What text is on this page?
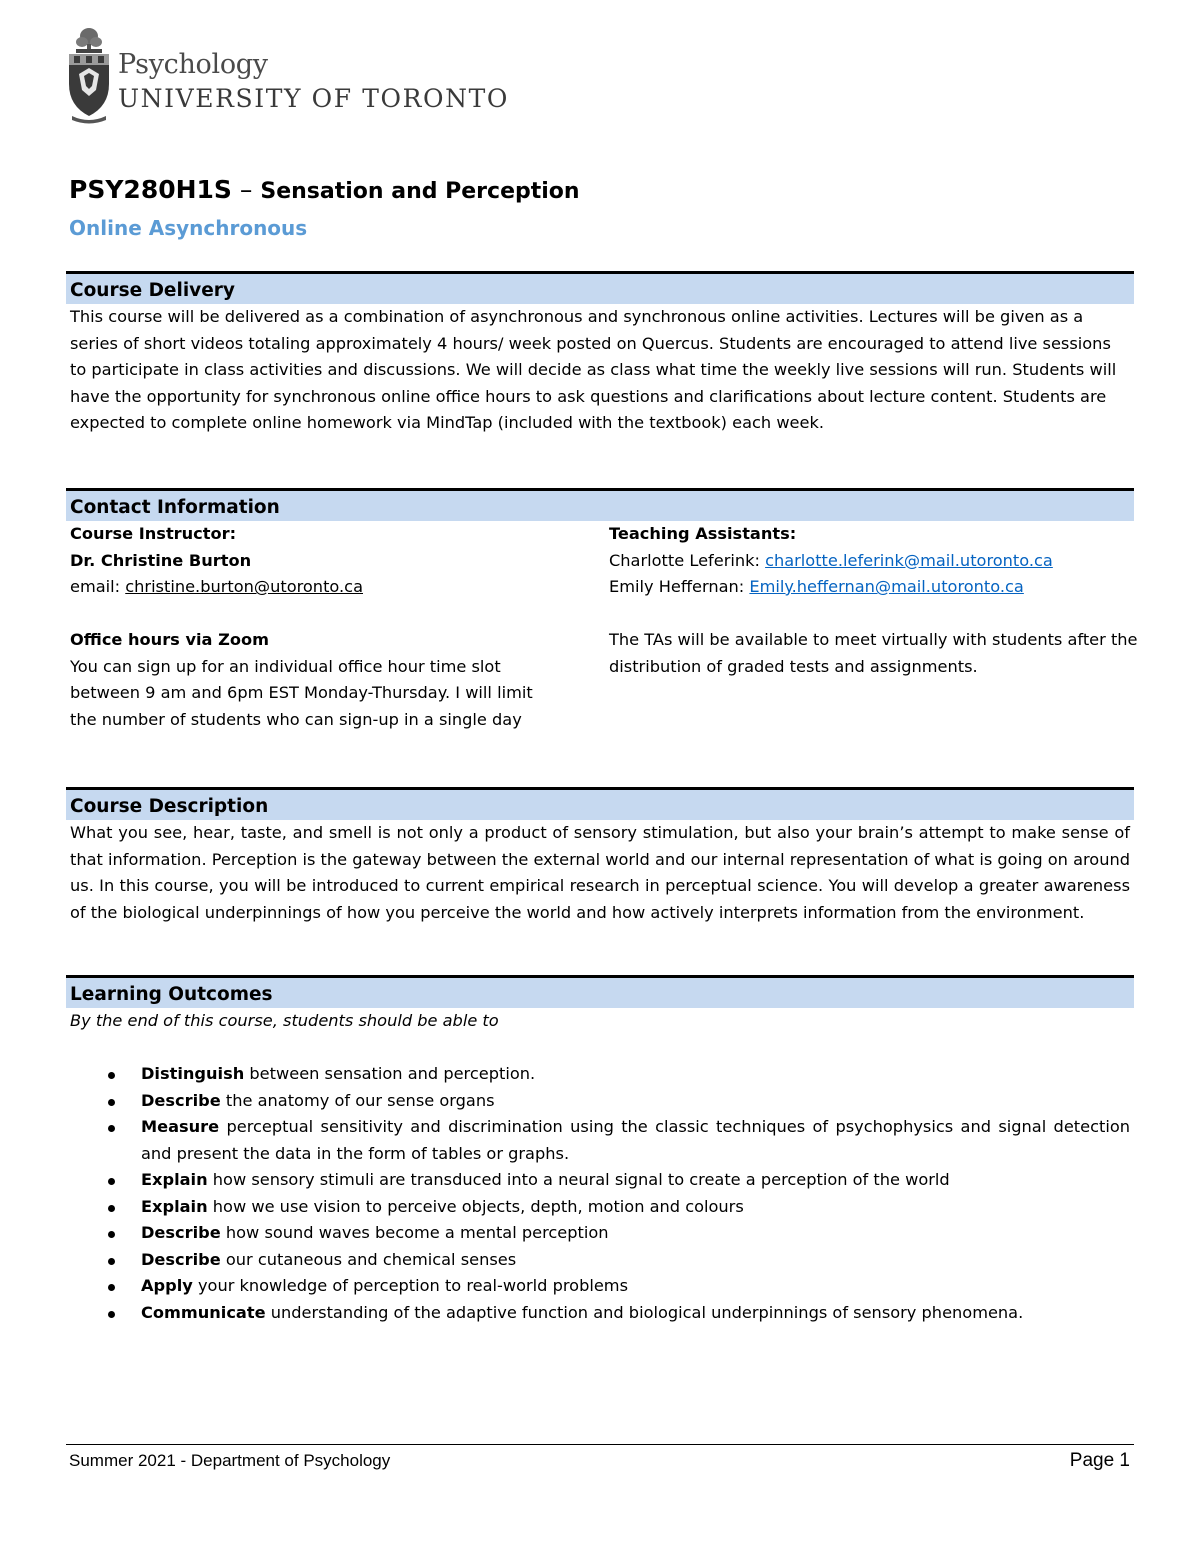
Psychology
UNIVERSITY OF TORONTO
PSY280H1S – Sensation and Perception
Online Asynchronous
Course Delivery
This course will be delivered as a combination of asynchronous and synchronous online activities. Lectures will be given as a series of short videos totaling approximately 4 hours/ week posted on Quercus. Students are encouraged to attend live sessions to participate in class activities and discussions. We will decide as class what time the weekly live sessions will run. Students will have the opportunity for synchronous online office hours to ask questions and clarifications about lecture content. Students are expected to complete online homework via MindTap (included with the textbook) each week.
Contact Information
Course Instructor:
Dr. Christine Burton
email: christine.burton@utoronto.ca
Office hours via Zoom
You can sign up for an individual office hour time slot between 9 am and 6pm EST Monday-Thursday. I will limit the number of students who can sign-up in a single day
Teaching Assistants:
Charlotte Leferink: charlotte.leferink@mail.utoronto.ca
Emily Heffernan: Emily.heffernan@mail.utoronto.ca
The TAs will be available to meet virtually with students after the distribution of graded tests and assignments.
Course Description
What you see, hear, taste, and smell is not only a product of sensory stimulation, but also your brain’s attempt to make sense of that information. Perception is the gateway between the external world and our internal representation of what is going on around us. In this course, you will be introduced to current empirical research in perceptual science. You will develop a greater awareness of the biological underpinnings of how you perceive the world and how actively interprets information from the environment.
Learning Outcomes
By the end of this course, students should be able to
Distinguish between sensation and perception.
Describe the anatomy of our sense organs
Measure perceptual sensitivity and discrimination using the classic techniques of psychophysics and signal detection and present the data in the form of tables or graphs.
Explain how sensory stimuli are transduced into a neural signal to create a perception of the world
Explain how we use vision to perceive objects, depth, motion and colours
Describe how sound waves become a mental perception
Describe our cutaneous and chemical senses
Apply your knowledge of perception to real-world problems
Communicate understanding of the adaptive function and biological underpinnings of sensory phenomena.
Summer 2021 - Department of Psychology	Page 1
